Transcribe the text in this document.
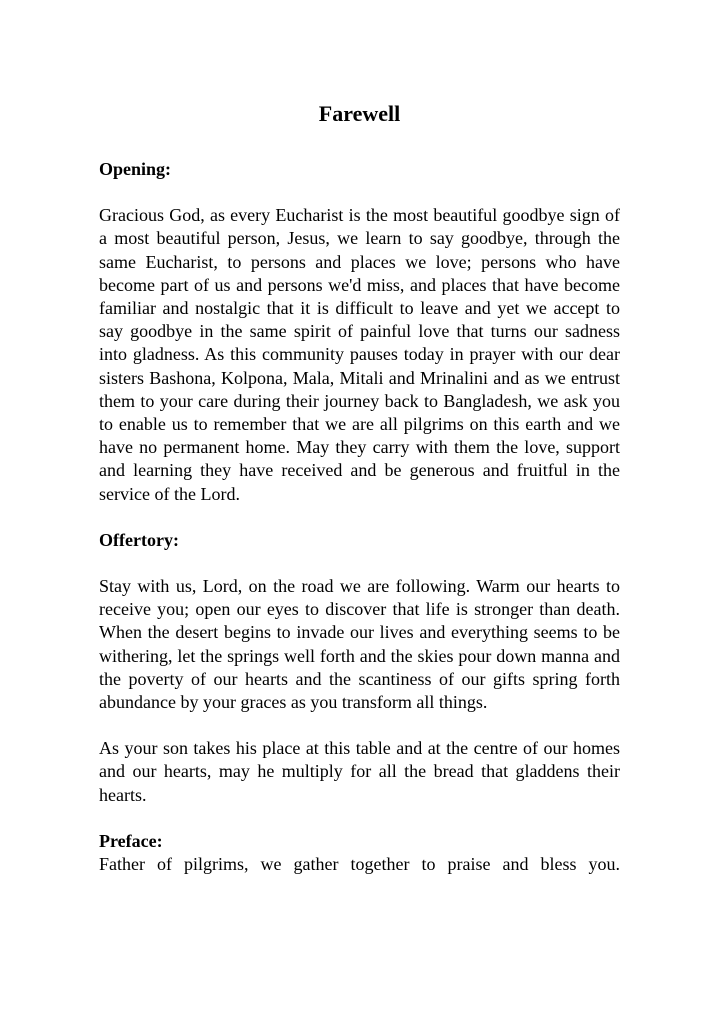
Farewell

Opening:

Gracious God, as every Eucharist is the most beautiful goodbye sign of a most beautiful person, Jesus, we learn to say goodbye, through the same Eucharist, to persons and places we love; persons who have become part of us and persons we'd miss, and places that have become familiar and nostalgic that it is difficult to leave and yet we accept to say goodbye in the same spirit of painful love that turns our sadness into gladness. As this community pauses today in prayer with our dear sisters Bashona, Kolpona, Mala, Mitali and Mrinalini and as we entrust them to your care during their journey back to Bangladesh, we ask you to enable us to remember that we are all pilgrims on this earth and we have no permanent home. May they carry with them the love, support and learning they have received and be generous and fruitful in the service of the Lord.

Offertory:

Stay with us, Lord, on the road we are following. Warm our hearts to receive you; open our eyes to discover that life is stronger than death. When the desert begins to invade our lives and everything seems to be withering, let the springs well forth and the skies pour down manna and the poverty of our hearts and the scantiness of our gifts spring forth abundance by your graces as you transform all things.

As your son takes his place at this table and at the centre of our homes and our hearts, may he multiply for all the bread that gladdens their hearts.

Preface:

Father of pilgrims, we gather together to praise and bless you.
